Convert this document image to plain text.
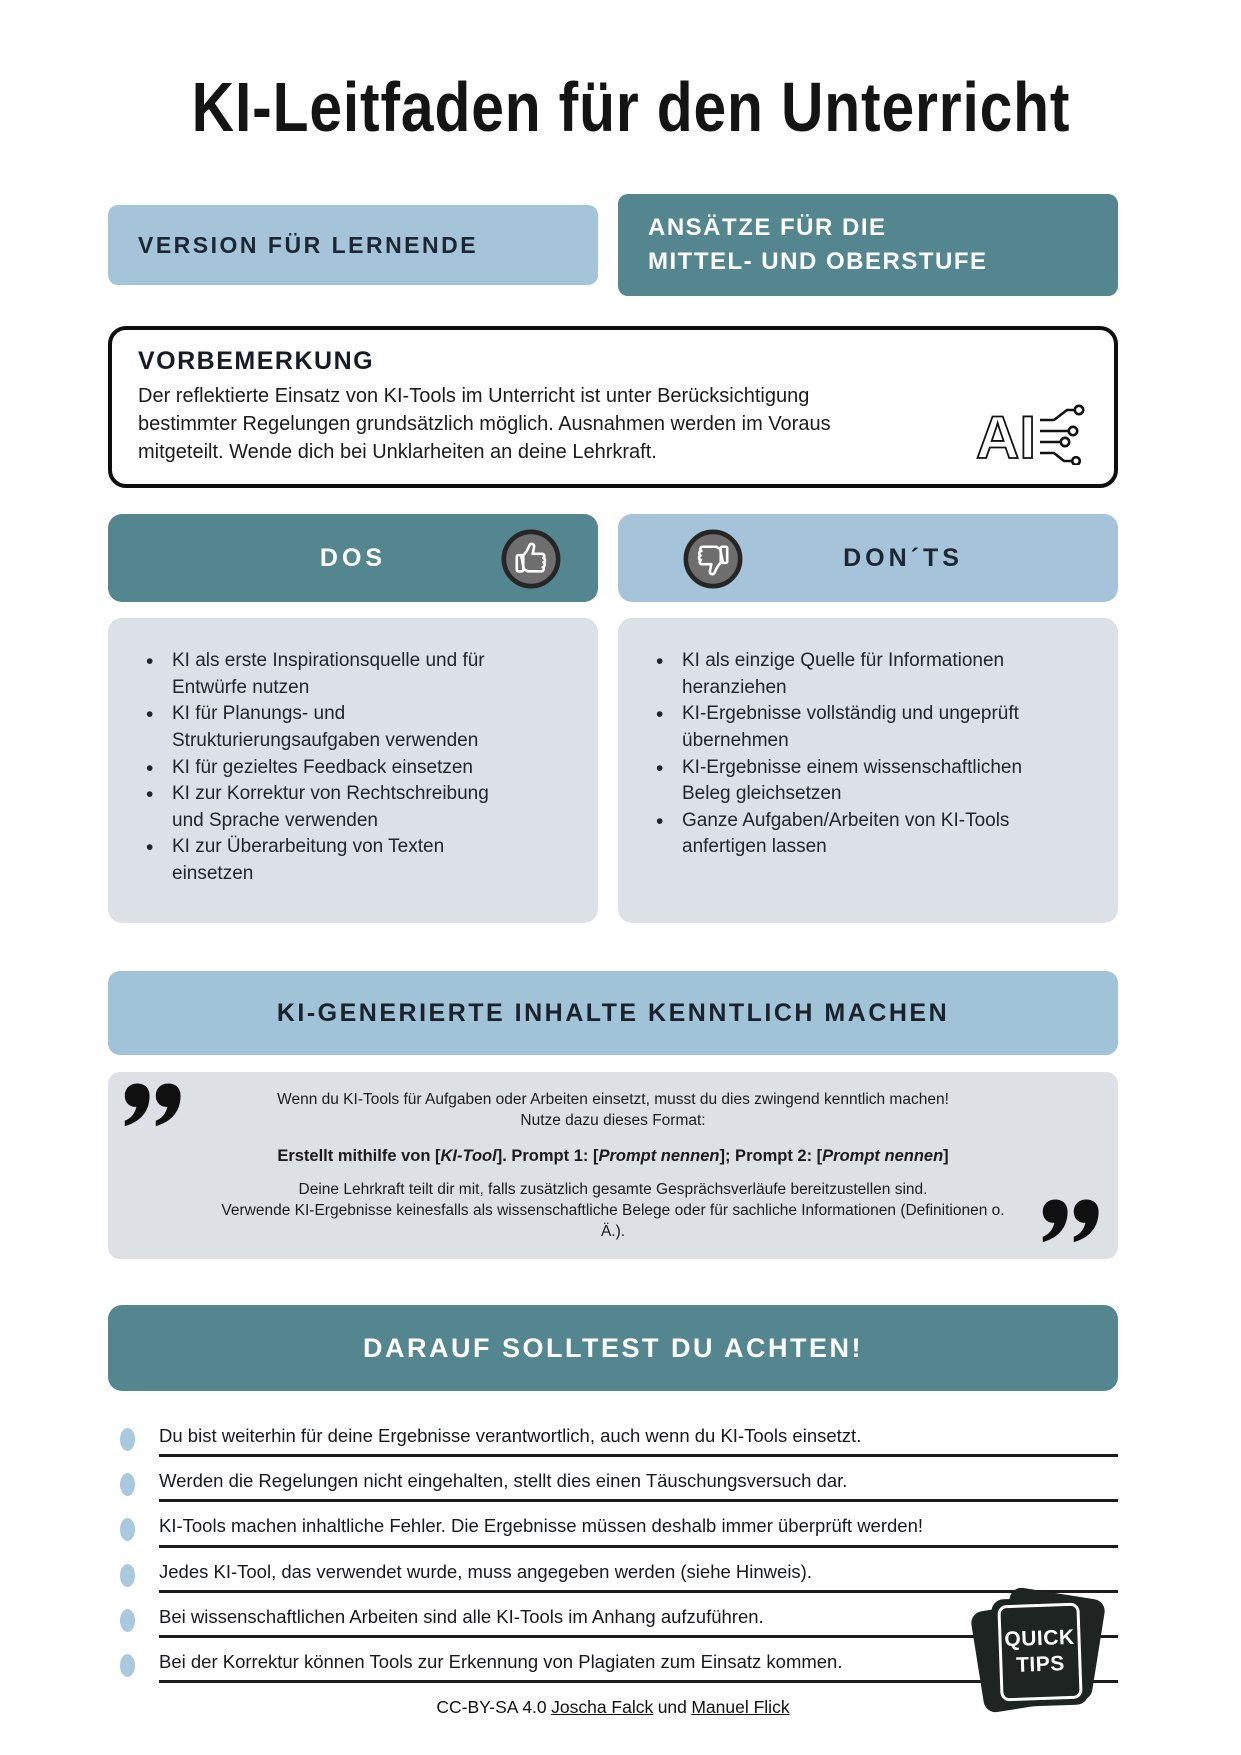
KI-Leitfaden für den Unterricht
VERSION FÜR LERNENDE
ANSÄTZE FÜR DIE
MITTEL- UND OBERSTUFE
VORBEMERKUNG

Der reflektierte Einsatz von KI-Tools im Unterricht ist unter Berücksichtigung bestimmter Regelungen grundsätzlich möglich. Ausnahmen werden im Voraus mitgeteilt. Wende dich bei Unklarheiten an deine Lehrkraft.	AI
DOS	DON´TS
• KI als erste Inspirationsquelle und für Entwürfe nutzen
• KI für Planungs- und Strukturierungsaufgaben verwenden
• KI für gezieltes Feedback einsetzen
• KI zur Korrektur von Rechtschreibung und Sprache verwenden
• KI zur Überarbeitung von Texten einsetzen
• KI als einzige Quelle für Informationen heranziehen
• KI-Ergebnisse vollständig und ungeprüft übernehmen
• KI-Ergebnisse einem wissenschaftlichen Beleg gleichsetzen
• Ganze Aufgaben/Arbeiten von KI-Tools anfertigen lassen
KI-GENERIERTE INHALTE KENNTLICH MACHEN

Wenn du KI-Tools für Aufgaben oder Arbeiten einsetzt, musst du dies zwingend kenntlich machen!

Nutze dazu dieses Format:

Erstellt mithilfe von [KI-Tool]. Prompt 1: [Prompt nennen]; Prompt 2: [Prompt nennen]

Deine Lehrkraft teilt dir mit, falls zusätzlich gesamte Gesprächsverläufe bereitzustellen sind.

Verwende KI-Ergebnisse keinesfalls als wissenschaftliche Belege oder für sachliche Informationen (Definitionen o. Ä.).

DARAUF SOLLTEST DU ACHTEN!
Du bist weiterhin für deine Ergebnisse verantwortlich, auch wenn du KI-Tools einsetzt.
Werden die Regelungen nicht eingehalten, stellt dies einen Täuschungsversuch dar.
KI-Tools machen inhaltliche Fehler. Die Ergebnisse müssen deshalb immer überprüft werden!
Jedes KI-Tool, das verwendet wurde, muss angegeben werden (siehe Hinweis).
Bei wissenschaftlichen Arbeiten sind alle KI-Tools im Anhang aufzuführen.
Bei der Korrektur können Tools zur Erkennung von Plagiaten zum Einsatz kommen.
QUICK
TIPS
CC-BY-SA 4.0 Joscha Falck und Manuel Flick
